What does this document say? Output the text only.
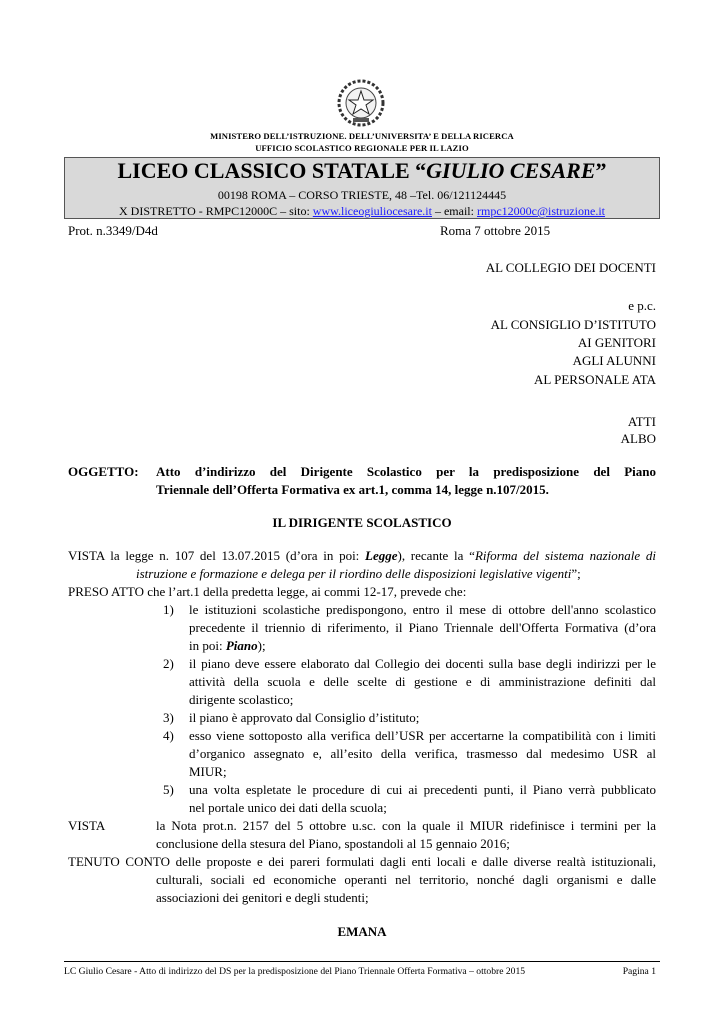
MINISTERO DELL’ISTRUZIONE. DELL’UNIVERSITA’ E DELLA RICERCA
UFFICIO SCOLASTICO REGIONALE PER IL LAZIO
LICEO CLASSICO STATALE “GIULIO CESARE”
00198 ROMA – CORSO TRIESTE, 48 –Tel. 06/121124445
X DISTRETTO - RMPC12000C – sito: www.liceogiuliocesare.it – email: rmpc12000c@istruzione.it
Prot. n.3349/D4d	Roma 7 ottobre 2015
AL COLLEGIO DEI DOCENTI
e p.c.
AL CONSIGLIO D’ISTITUTO
AI GENITORI
AGLI ALUNNI
AL PERSONALE ATA
ATTI
ALBO
OGGETTO: Atto d’indirizzo del Dirigente Scolastico per la predisposizione del Piano
Triennale dell’Offerta Formativa ex art.1, comma 14, legge n.107/2015.
IL DIRIGENTE SCOLASTICO
VISTA la legge n. 107 del 13.07.2015 (d’ora in poi: Legge), recante la “Riforma del sistema nazionale di
istruzione e formazione e delega per il riordino delle disposizioni legislative vigenti”;
PRESO ATTO che l’art.1 della predetta legge, ai commi 12-17, prevede che:
1) le istituzioni scolastiche predispongono, entro il mese di ottobre dell'anno scolastico
precedente il triennio di riferimento, il Piano Triennale dell'Offerta Formativa (d’ora
in poi: Piano);
2) il piano deve essere elaborato dal Collegio dei docenti sulla base degli indirizzi per le
attività della scuola e delle scelte di gestione e di amministrazione definiti dal
dirigente scolastico;
3) il piano è approvato dal Consiglio d’istituto;
4) esso viene sottoposto alla verifica dell’USR per accertarne la compatibilità con i limiti
d’organico assegnato e, all’esito della verifica, trasmesso dal medesimo USR al
MIUR;
5) una volta espletate le procedure di cui ai precedenti punti, il Piano verrà pubblicato
nel portale unico dei dati della scuola;
VISTA	la Nota prot.n. 2157 del 5 ottobre u.sc. con la quale il MIUR ridefinisce i termini per la
conclusione della stesura del Piano, spostandoli al 15 gennaio 2016;
TENUTO CONTO delle proposte e dei pareri formulati dagli enti locali e dalle diverse realtà istituzionali,
culturali, sociali ed economiche operanti nel territorio, nonché dagli organismi e dalle
associazioni dei genitori e degli studenti;
EMANA
LC Giulio Cesare - Atto di indirizzo del DS per la predisposizione del Piano Triennale Offerta Formativa – ottobre 2015	Pagina 1
